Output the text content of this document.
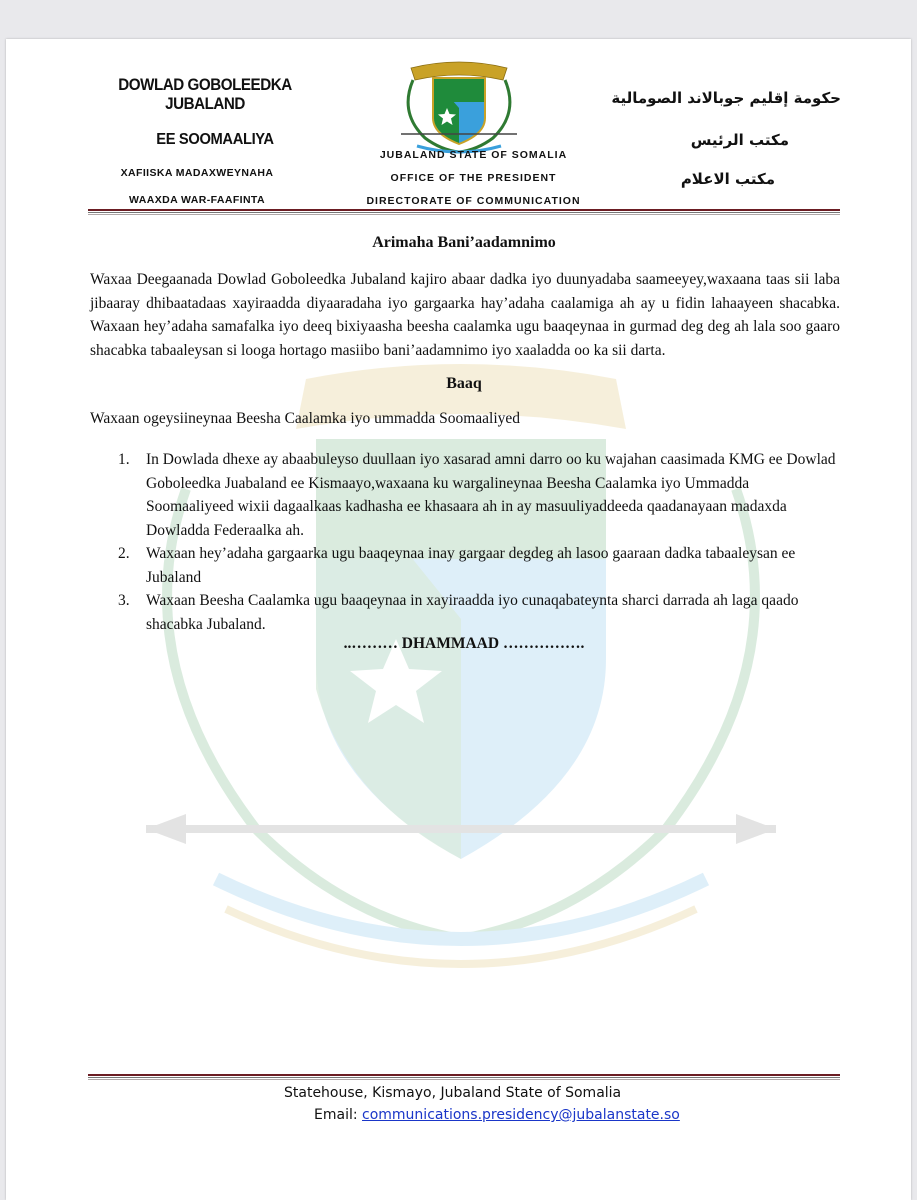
DOWLAD GOBOLEEDKA JUBALAND
EE SOOMAALIYA
XAFIISKA MADAXWEYNAHA
WAAXDA WAR-FAAFINTA
JUBALAND STATE OF SOMALIA
OFFICE OF THE PRESIDENT
DIRECTORATE OF COMMUNICATION
حكومة إقليم جوبالاند الصومالية
مكتب الرئيس
مكتب الاعلام
Arimaha Bani’aadamnimo
Waxaa Deegaanada Dowlad Goboleedka Jubaland kajiro abaar dadka iyo duunyadaba saameeyey,waxaana taas sii laba jibaaray dhibaatadaas xayiraadda diyaaradaha iyo gargaarka hay’adaha caalamiga ah ay u fidin lahaayeen shacabka. Waxaan hey’adaha samafalka iyo deeq bixiyaasha beesha caalamka ugu baaqeynaa in gurmad deg deg ah lala soo gaaro shacabka tabaaleysan si looga hortago masiibo bani’aadamnimo iyo xaaladda oo ka sii darta.
Baaq
Waxaan ogeysiineynaa Beesha Caalamka iyo ummadda Soomaaliyed
1. In Dowlada dhexe ay abaabuleyso duullaan iyo xasarad amni darro oo ku wajahan caasimada KMG ee Dowlad Goboleedka Juabaland ee Kismaayo,waxaana ku wargalineynaa Beesha Caalamka iyo Ummadda Soomaaliyeed wixii dagaalkaas kadhasha ee khasaara ah in ay masuuliyaddeeda qaadanayaan madaxda Dowladda Federaalka ah.
2. Waxaan hey’adaha gargaarka ugu baaqeynaa inay gargaar degdeg ah lasoo gaaraan dadka tabaaleysan ee Jubaland
3. Waxaan Beesha Caalamka ugu baaqeynaa in xayiraadda iyo cunaqabateynta sharci darrada ah laga qaado shacabka Jubaland.
..……… DHAMMAAD …………….
Statehouse, Kismayo, Jubaland State of Somalia
Email: communications.presidency@jubalanstate.so
